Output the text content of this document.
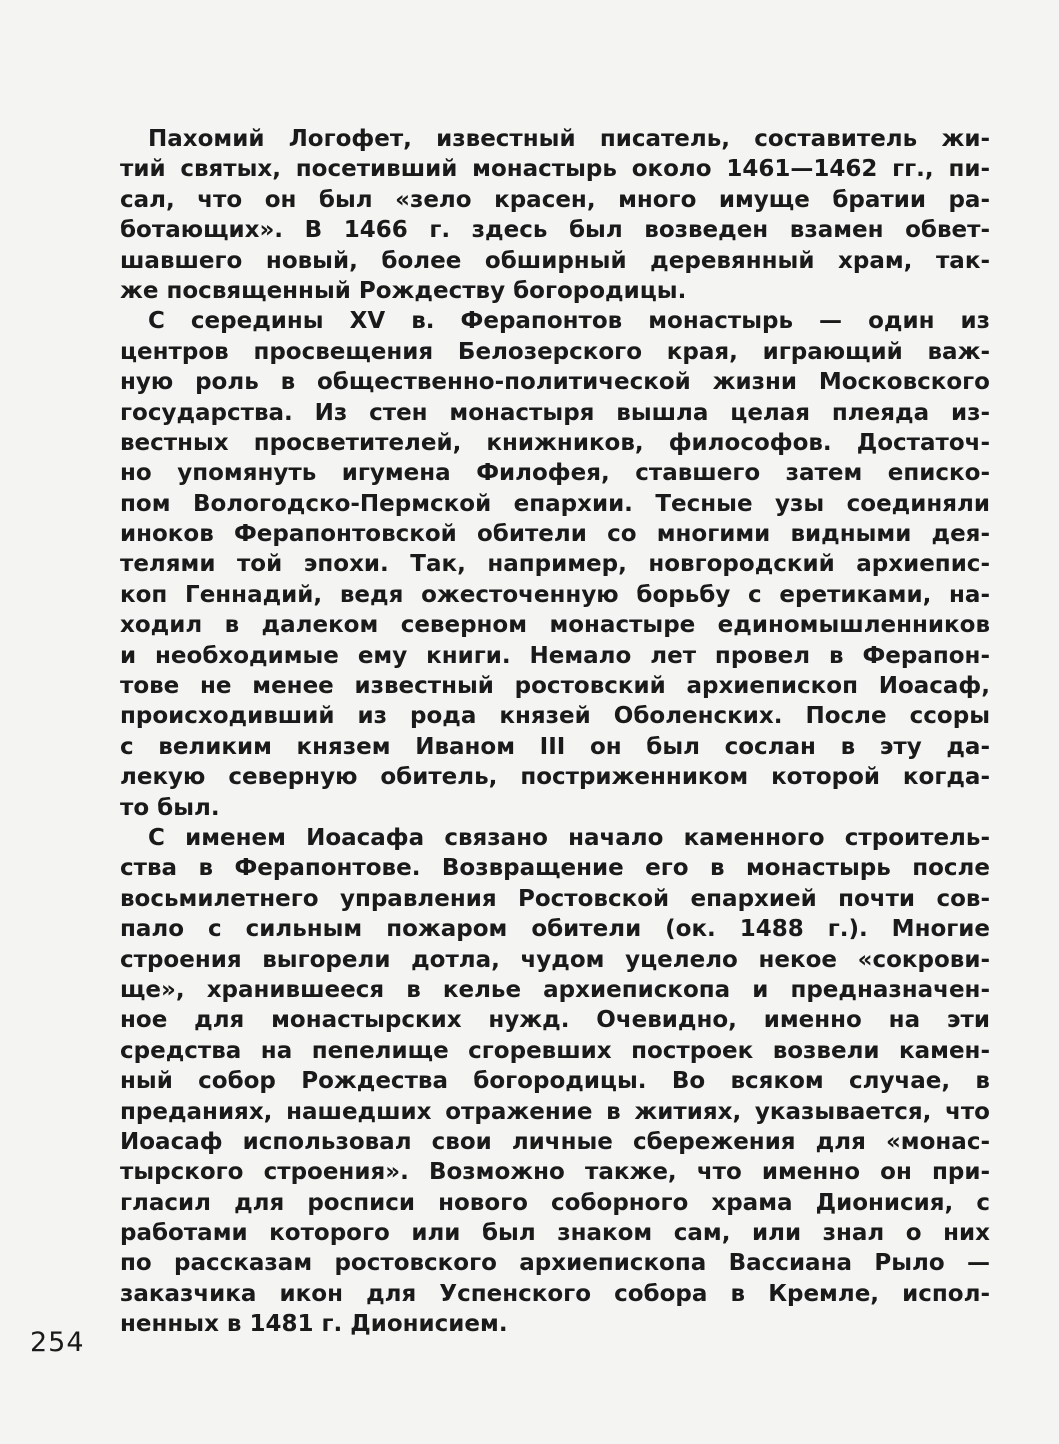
Пахомий Логофет, известный писатель, составитель жи-
тий святых, посетивший монастырь около 1461—1462 гг., пи-
сал, что он был «зело красен, много имуще братии ра-
ботающих». В 1466 г. здесь был возведен взамен обвет-
шавшего новый, более обширный деревянный храм, так-
же посвященный Рождеству богородицы.
С середины XV в. Ферапонтов монастырь — один из
центров просвещения Белозерского края, играющий важ-
ную роль в общественно-политической жизни Московского
государства. Из стен монастыря вышла целая плеяда из-
вестных просветителей, книжников, философов. Достаточ-
но упомянуть игумена Филофея, ставшего затем еписко-
пом Вологодско-Пермской епархии. Тесные узы соединяли
иноков Ферапонтовской обители со многими видными дея-
телями той эпохи. Так, например, новгородский архиепис-
коп Геннадий, ведя ожесточенную борьбу с еретиками, на-
ходил в далеком северном монастыре единомышленников
и необходимые ему книги. Немало лет провел в Ферапон-
тове не менее известный ростовский архиепископ Иоасаф,
происходивший из рода князей Оболенских. После ссоры
с великим князем Иваном III он был сослан в эту да-
лекую северную обитель, постриженником которой когда-
то был.
С именем Иоасафа связано начало каменного строитель-
ства в Ферапонтове. Возвращение его в монастырь после
восьмилетнего управления Ростовской епархией почти сов-
пало с сильным пожаром обители (ок. 1488 г.). Многие
строения выгорели дотла, чудом уцелело некое «сокрови-
ще», хранившееся в келье архиепископа и предназначен-
ное для монастырских нужд. Очевидно, именно на эти
средства на пепелище сгоревших построек возвели камен-
ный собор Рождества богородицы. Во всяком случае, в
преданиях, нашедших отражение в житиях, указывается, что
Иоасаф использовал свои личные сбережения для «монас-
тырского строения». Возможно также, что именно он при-
гласил для росписи нового соборного храма Дионисия, с
работами которого или был знаком сам, или знал о них
по рассказам ростовского архиепископа Вассиана Рыло —
заказчика икон для Успенского собора в Кремле, испол-
ненных в 1481 г. Дионисием.
254
